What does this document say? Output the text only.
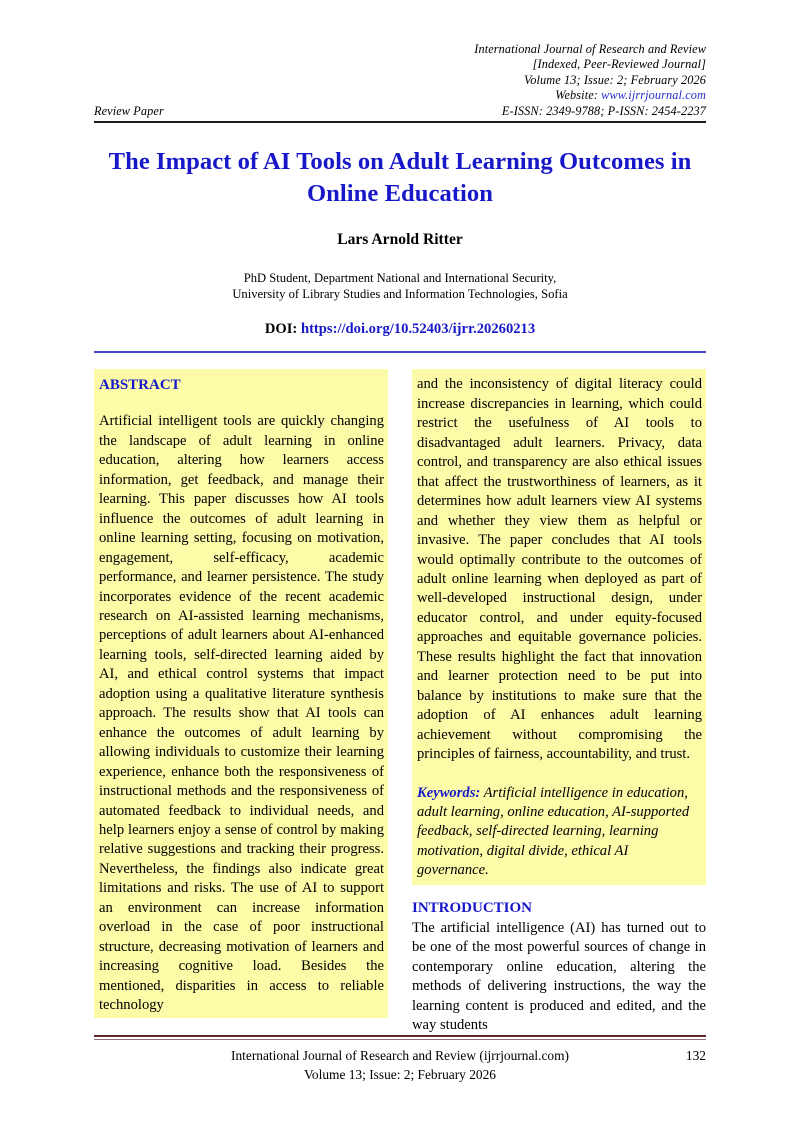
International Journal of Research and Review
[Indexed, Peer-Reviewed Journal]
Volume 13; Issue: 2; February 2026
Website: www.ijrrjournal.com
E-ISSN: 2349-9788; P-ISSN: 2454-2237
Review Paper
The Impact of AI Tools on Adult Learning Outcomes in Online Education
Lars Arnold Ritter
PhD Student, Department National and International Security,
University of Library Studies and Information Technologies, Sofia
DOI: https://doi.org/10.52403/ijrr.20260213
ABSTRACT

Artificial intelligent tools are quickly changing the landscape of adult learning in online education, altering how learners access information, get feedback, and manage their learning. This paper discusses how AI tools influence the outcomes of adult learning in online learning setting, focusing on motivation, engagement, self-efficacy, academic performance, and learner persistence. The study incorporates evidence of the recent academic research on AI-assisted learning mechanisms, perceptions of adult learners about AI-enhanced learning tools, self-directed learning aided by AI, and ethical control systems that impact adoption using a qualitative literature synthesis approach. The results show that AI tools can enhance the outcomes of adult learning by allowing individuals to customize their learning experience, enhance both the responsiveness of instructional methods and the responsiveness of automated feedback to individual needs, and help learners enjoy a sense of control by making relative suggestions and tracking their progress. Nevertheless, the findings also indicate great limitations and risks. The use of AI to support an environment can increase information overload in the case of poor instructional structure, decreasing motivation of learners and increasing cognitive load. Besides the mentioned, disparities in access to reliable technology

and the inconsistency of digital literacy could increase discrepancies in learning, which could restrict the usefulness of AI tools to disadvantaged adult learners. Privacy, data control, and transparency are also ethical issues that affect the trustworthiness of learners, as it determines how adult learners view AI systems and whether they view them as helpful or invasive. The paper concludes that AI tools would optimally contribute to the outcomes of adult online learning when deployed as part of well-developed instructional design, under educator control, and under equity-focused approaches and equitable governance policies. These results highlight the fact that innovation and learner protection need to be put into balance by institutions to make sure that the adoption of AI enhances adult learning achievement without compromising the principles of fairness, accountability, and trust.

Keywords: Artificial intelligence in education, adult learning, online education, AI-supported feedback, self-directed learning, learning motivation, digital divide, ethical AI governance.

INTRODUCTION

The artificial intelligence (AI) has turned out to be one of the most powerful sources of change in contemporary online education, altering the methods of delivering instructions, the way the learning content is produced and edited, and the way students

International Journal of Research and Review (ijrrjournal.com)
Volume 13; Issue: 2; February 2026
132
